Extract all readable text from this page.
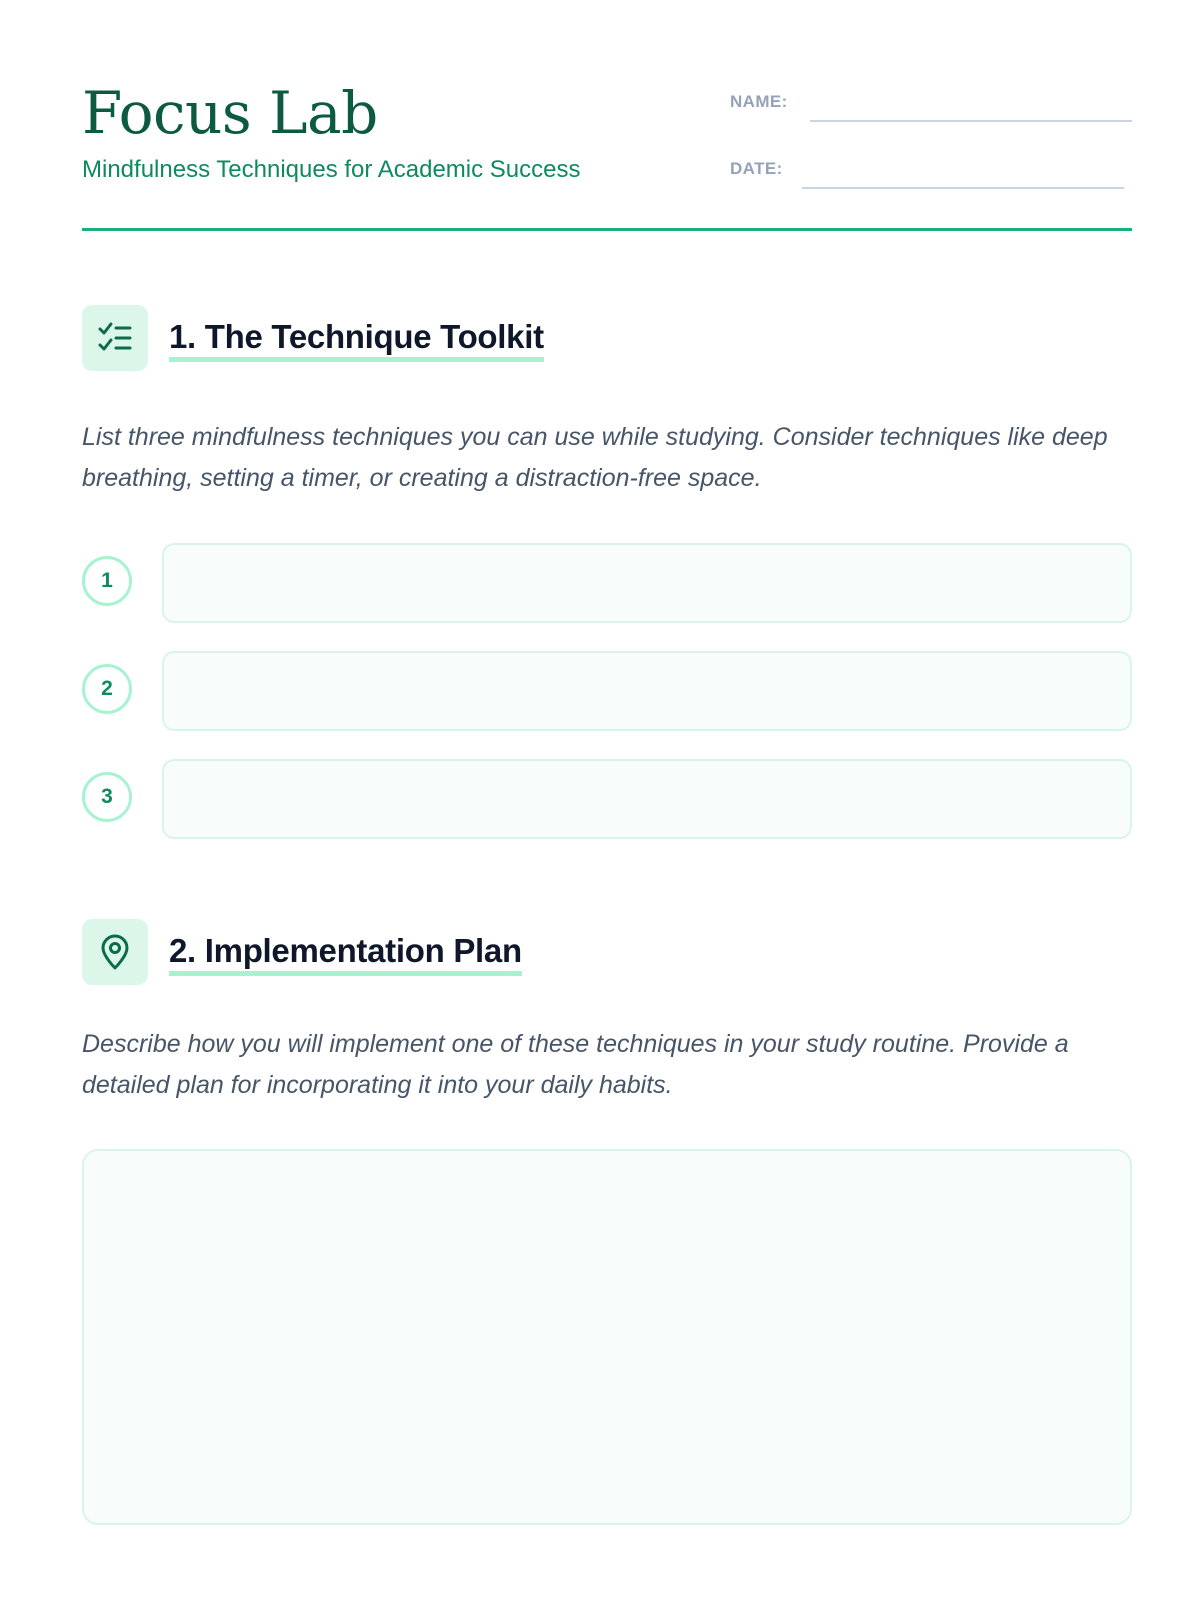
Focus Lab
Mindfulness Techniques for Academic Success
NAME:
DATE:
1. The Technique Toolkit

List three mindfulness techniques you can use while studying. Consider techniques like deep breathing, setting a timer, or creating a distraction-free space.

1
2
3
2. Implementation Plan

Describe how you will implement one of these techniques in your study routine. Provide a detailed plan for incorporating it into your daily habits.
